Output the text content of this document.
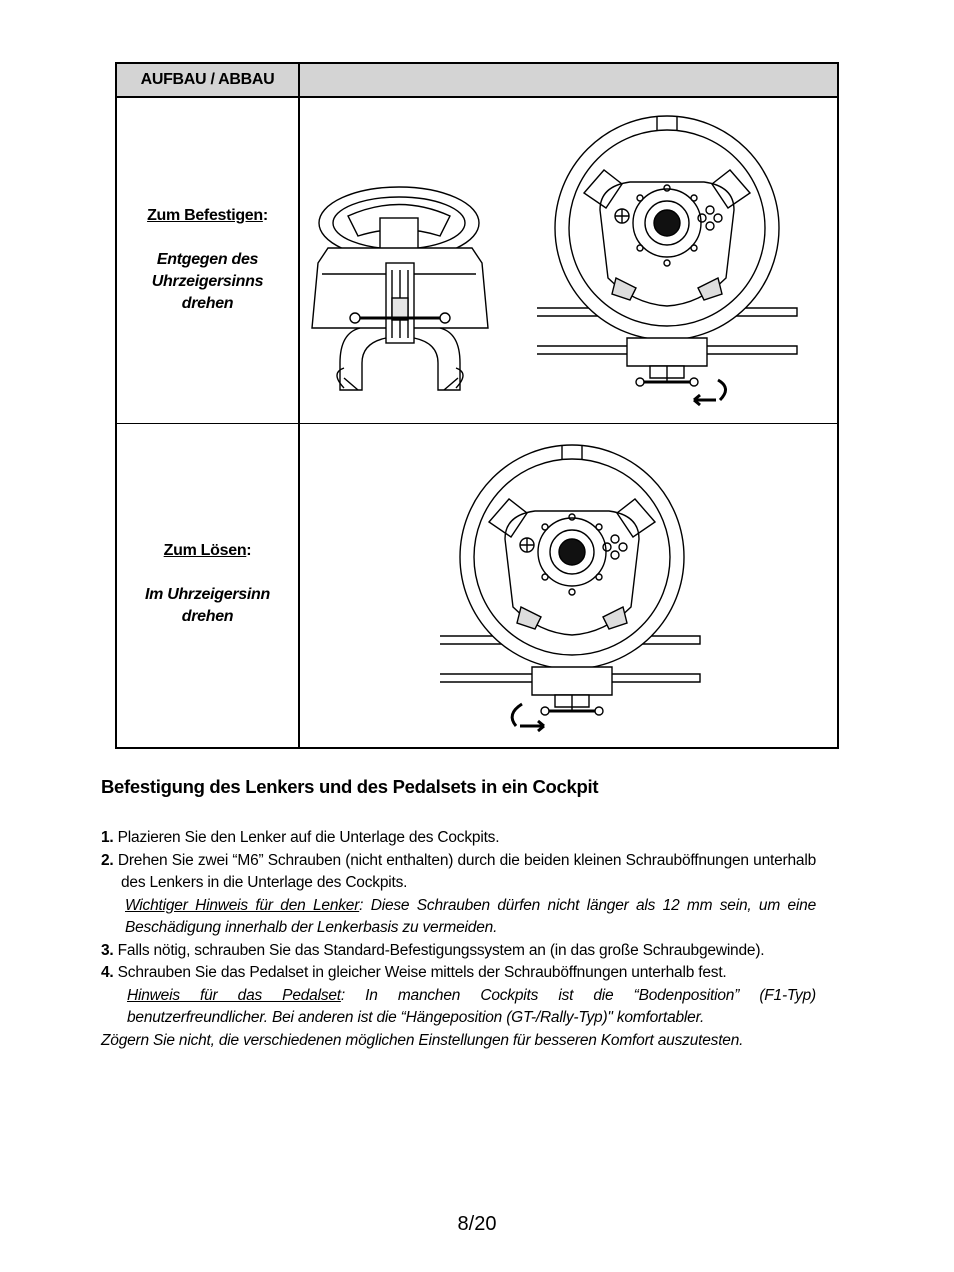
AUFBAU / ABBAU
Zum Befestigen:
Entgegen des
Uhrzeigersinns
drehen
Zum Lösen:
Im Uhrzeigersinn
drehen
Befestigung des Lenkers und des Pedalsets in ein Cockpit
1. Plazieren Sie den Lenker auf die Unterlage des Cockpits.
2. Drehen Sie zwei “M6” Schrauben (nicht enthalten) durch die beiden kleinen Schrauböffnungen unterhalb des Lenkers in die Unterlage des Cockpits.
Wichtiger Hinweis für den Lenker: Diese Schrauben dürfen nicht länger als 12 mm sein, um eine Beschädigung innerhalb der Lenkerbasis zu vermeiden.
3. Falls nötig, schrauben Sie das Standard-Befestigungssystem an (in das große Schraubgewinde).
4. Schrauben Sie das Pedalset in gleicher Weise mittels der Schrauböffnungen unterhalb fest.
Hinweis für das Pedalset: In manchen Cockpits ist die “Bodenposition” (F1-Typ)
benutzerfreundlicher. Bei anderen ist die “Hängeposition (GT-/Rally-Typ)" komfortabler.
Zögern Sie nicht, die verschiedenen möglichen Einstellungen für besseren Komfort auszutesten.
8/20
